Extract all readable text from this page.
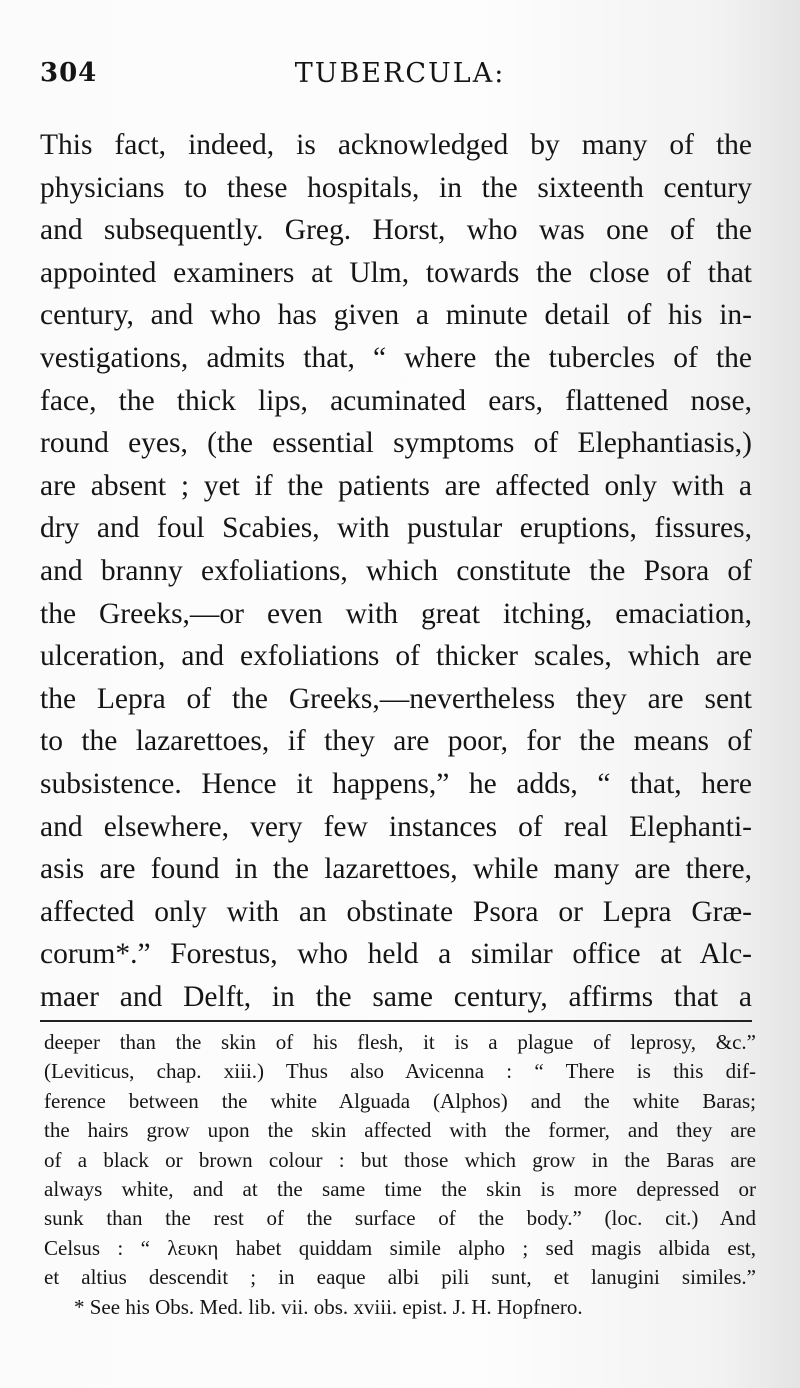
304	TUBERCULA:
This fact, indeed, is acknowledged by many of the
physicians to these hospitals, in the sixteenth century
and subsequently. Greg. Horst, who was one of the
appointed examiners at Ulm, towards the close of that
century, and who has given a minute detail of his in-
vestigations, admits that, “ where the tubercles of the
face, the thick lips, acuminated ears, flattened nose,
round eyes, (the essential symptoms of Elephantiasis,)
are absent ; yet if the patients are affected only with a
dry and foul Scabies, with pustular eruptions, fissures,
and branny exfoliations, which constitute the Psora of
the Greeks,—or even with great itching, emaciation,
ulceration, and exfoliations of thicker scales, which are
the Lepra of the Greeks,—nevertheless they are sent
to the lazarettoes, if they are poor, for the means of
subsistence. Hence it happens,” he adds, “ that, here
and elsewhere, very few instances of real Elephanti-
asis are found in the lazarettoes, while many are there,
affected only with an obstinate Psora or Lepra Græ-
corum*.” Forestus, who held a similar office at Alc-
maer and Delft, in the same century, affirms that a
deeper than the skin of his flesh, it is a plague of leprosy, &c.”
(Leviticus, chap. xiii.) Thus also Avicenna : “ There is this dif-
ference between the white Alguada (Alphos) and the white Baras;
the hairs grow upon the skin affected with the former, and they are
of a black or brown colour : but those which grow in the Baras are
always white, and at the same time the skin is more depressed or
sunk than the rest of the surface of the body.” (loc. cit.) And
Celsus : “ λευκη habet quiddam simile alpho ; sed magis albida est,
et altius descendit ; in eaque albi pili sunt, et lanugini similes.”
* See his Obs. Med. lib. vii. obs. xviii. epist. J. H. Hopfnero.
